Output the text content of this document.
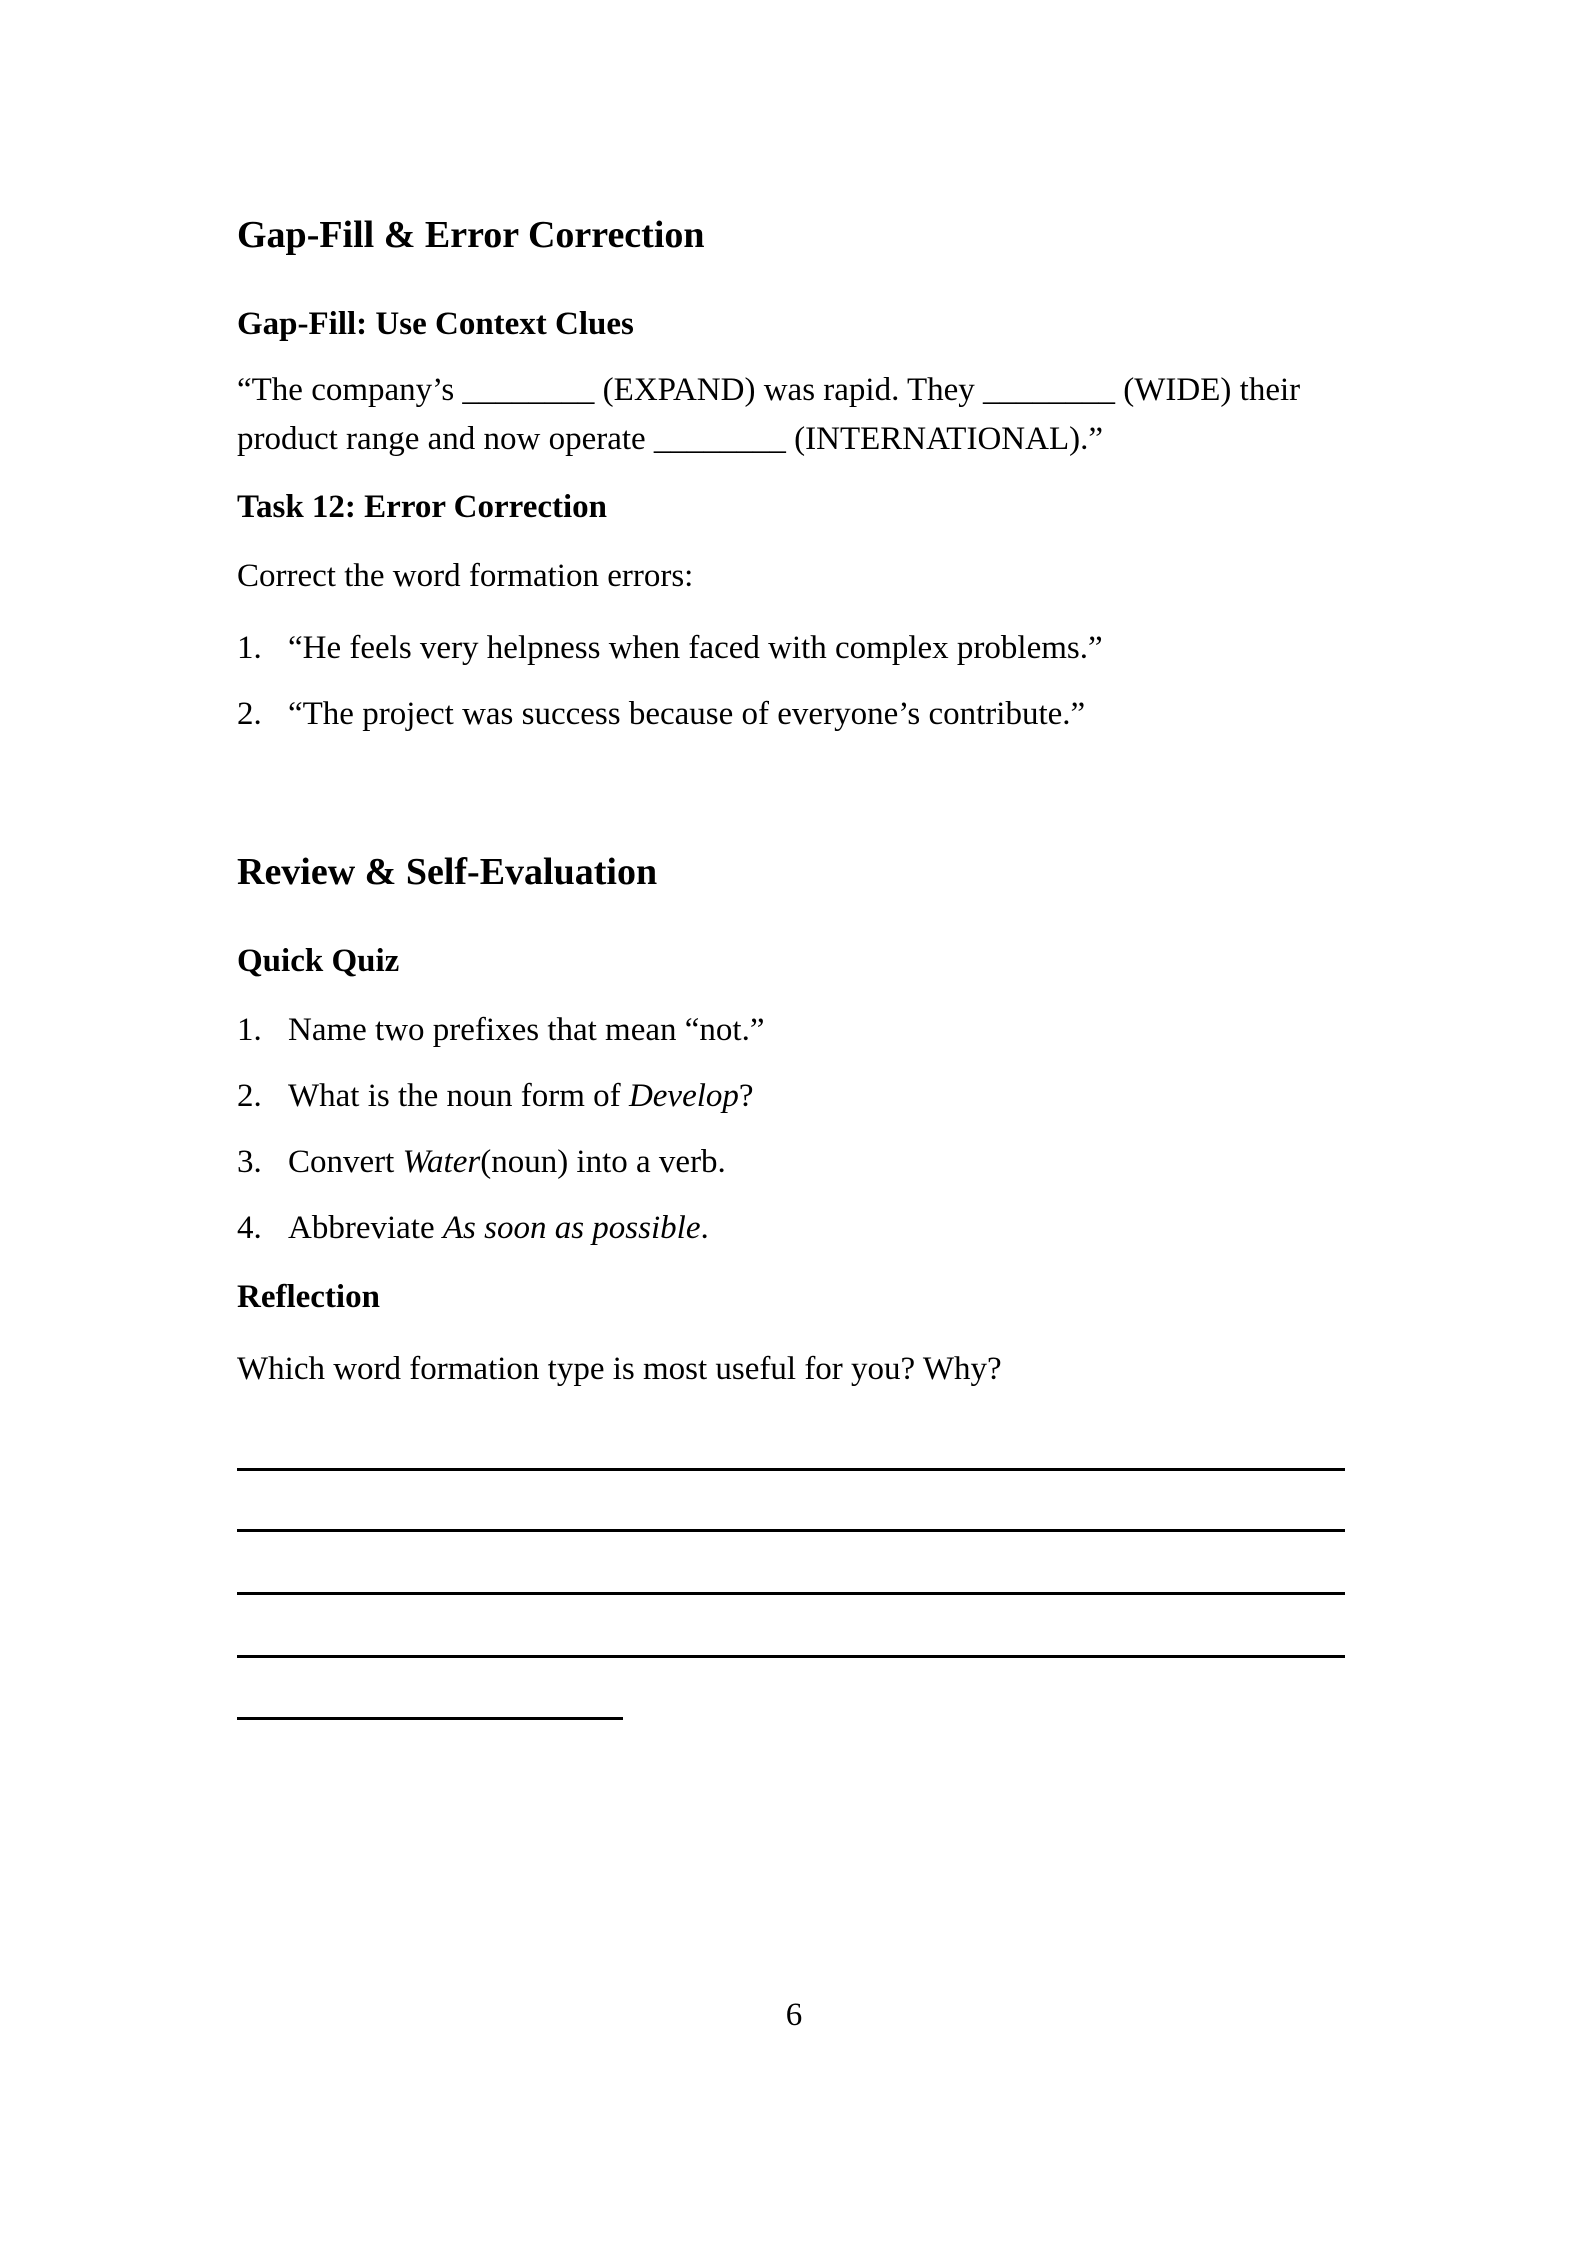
Gap-Fill & Error Correction
Gap-Fill: Use Context Clues
“The company’s ________ (EXPAND) was rapid. They ________ (WIDE) their
product range and now operate ________ (INTERNATIONAL).”
Task 12: Error Correction
Correct the word formation errors:
1. “He feels very helpness when faced with complex problems.”
2. “The project was success because of everyone’s contribute.”
Review & Self-Evaluation
Quick Quiz
1. Name two prefixes that mean “not.”
2. What is the noun form of Develop?
3. Convert Water(noun) into a verb.
4. Abbreviate As soon as possible.
Reflection
Which word formation type is most useful for you? Why?
6
